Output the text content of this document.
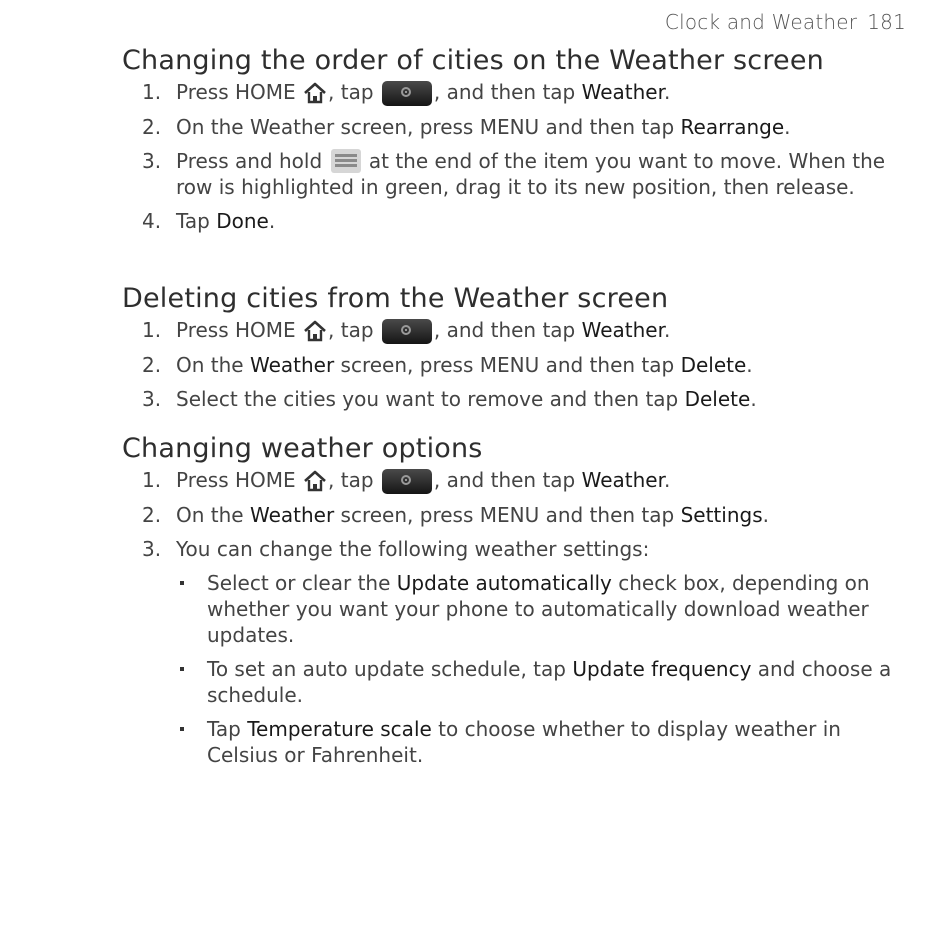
Clock and Weather 181
Changing the order of cities on the Weather screen
1. Press HOME
, tap	, and then tap Weather.
2. On the Weather screen, press MENU and then tap Rearrange.
3. Press and hold
at the end of the item you want to move. When the row is highlighted in green, drag it to its new position, then release.
4. Tap Done.
Deleting cities from the Weather screen
1. Press HOME
, tap	, and then tap Weather.
2. On the Weather screen, press MENU and then tap Delete.
3. Select the cities you want to remove and then tap Delete.
Changing weather options
1. Press HOME
, tap	, and then tap Weather.
2. On the Weather screen, press MENU and then tap Settings.
3. You can change the following weather settings:
Select or clear the Update automatically check box, depending on whether you want your phone to automatically download weather updates.
To set an auto update schedule, tap Update frequency and choose a schedule.
Tap Temperature scale to choose whether to display weather in Celsius or Fahrenheit.
